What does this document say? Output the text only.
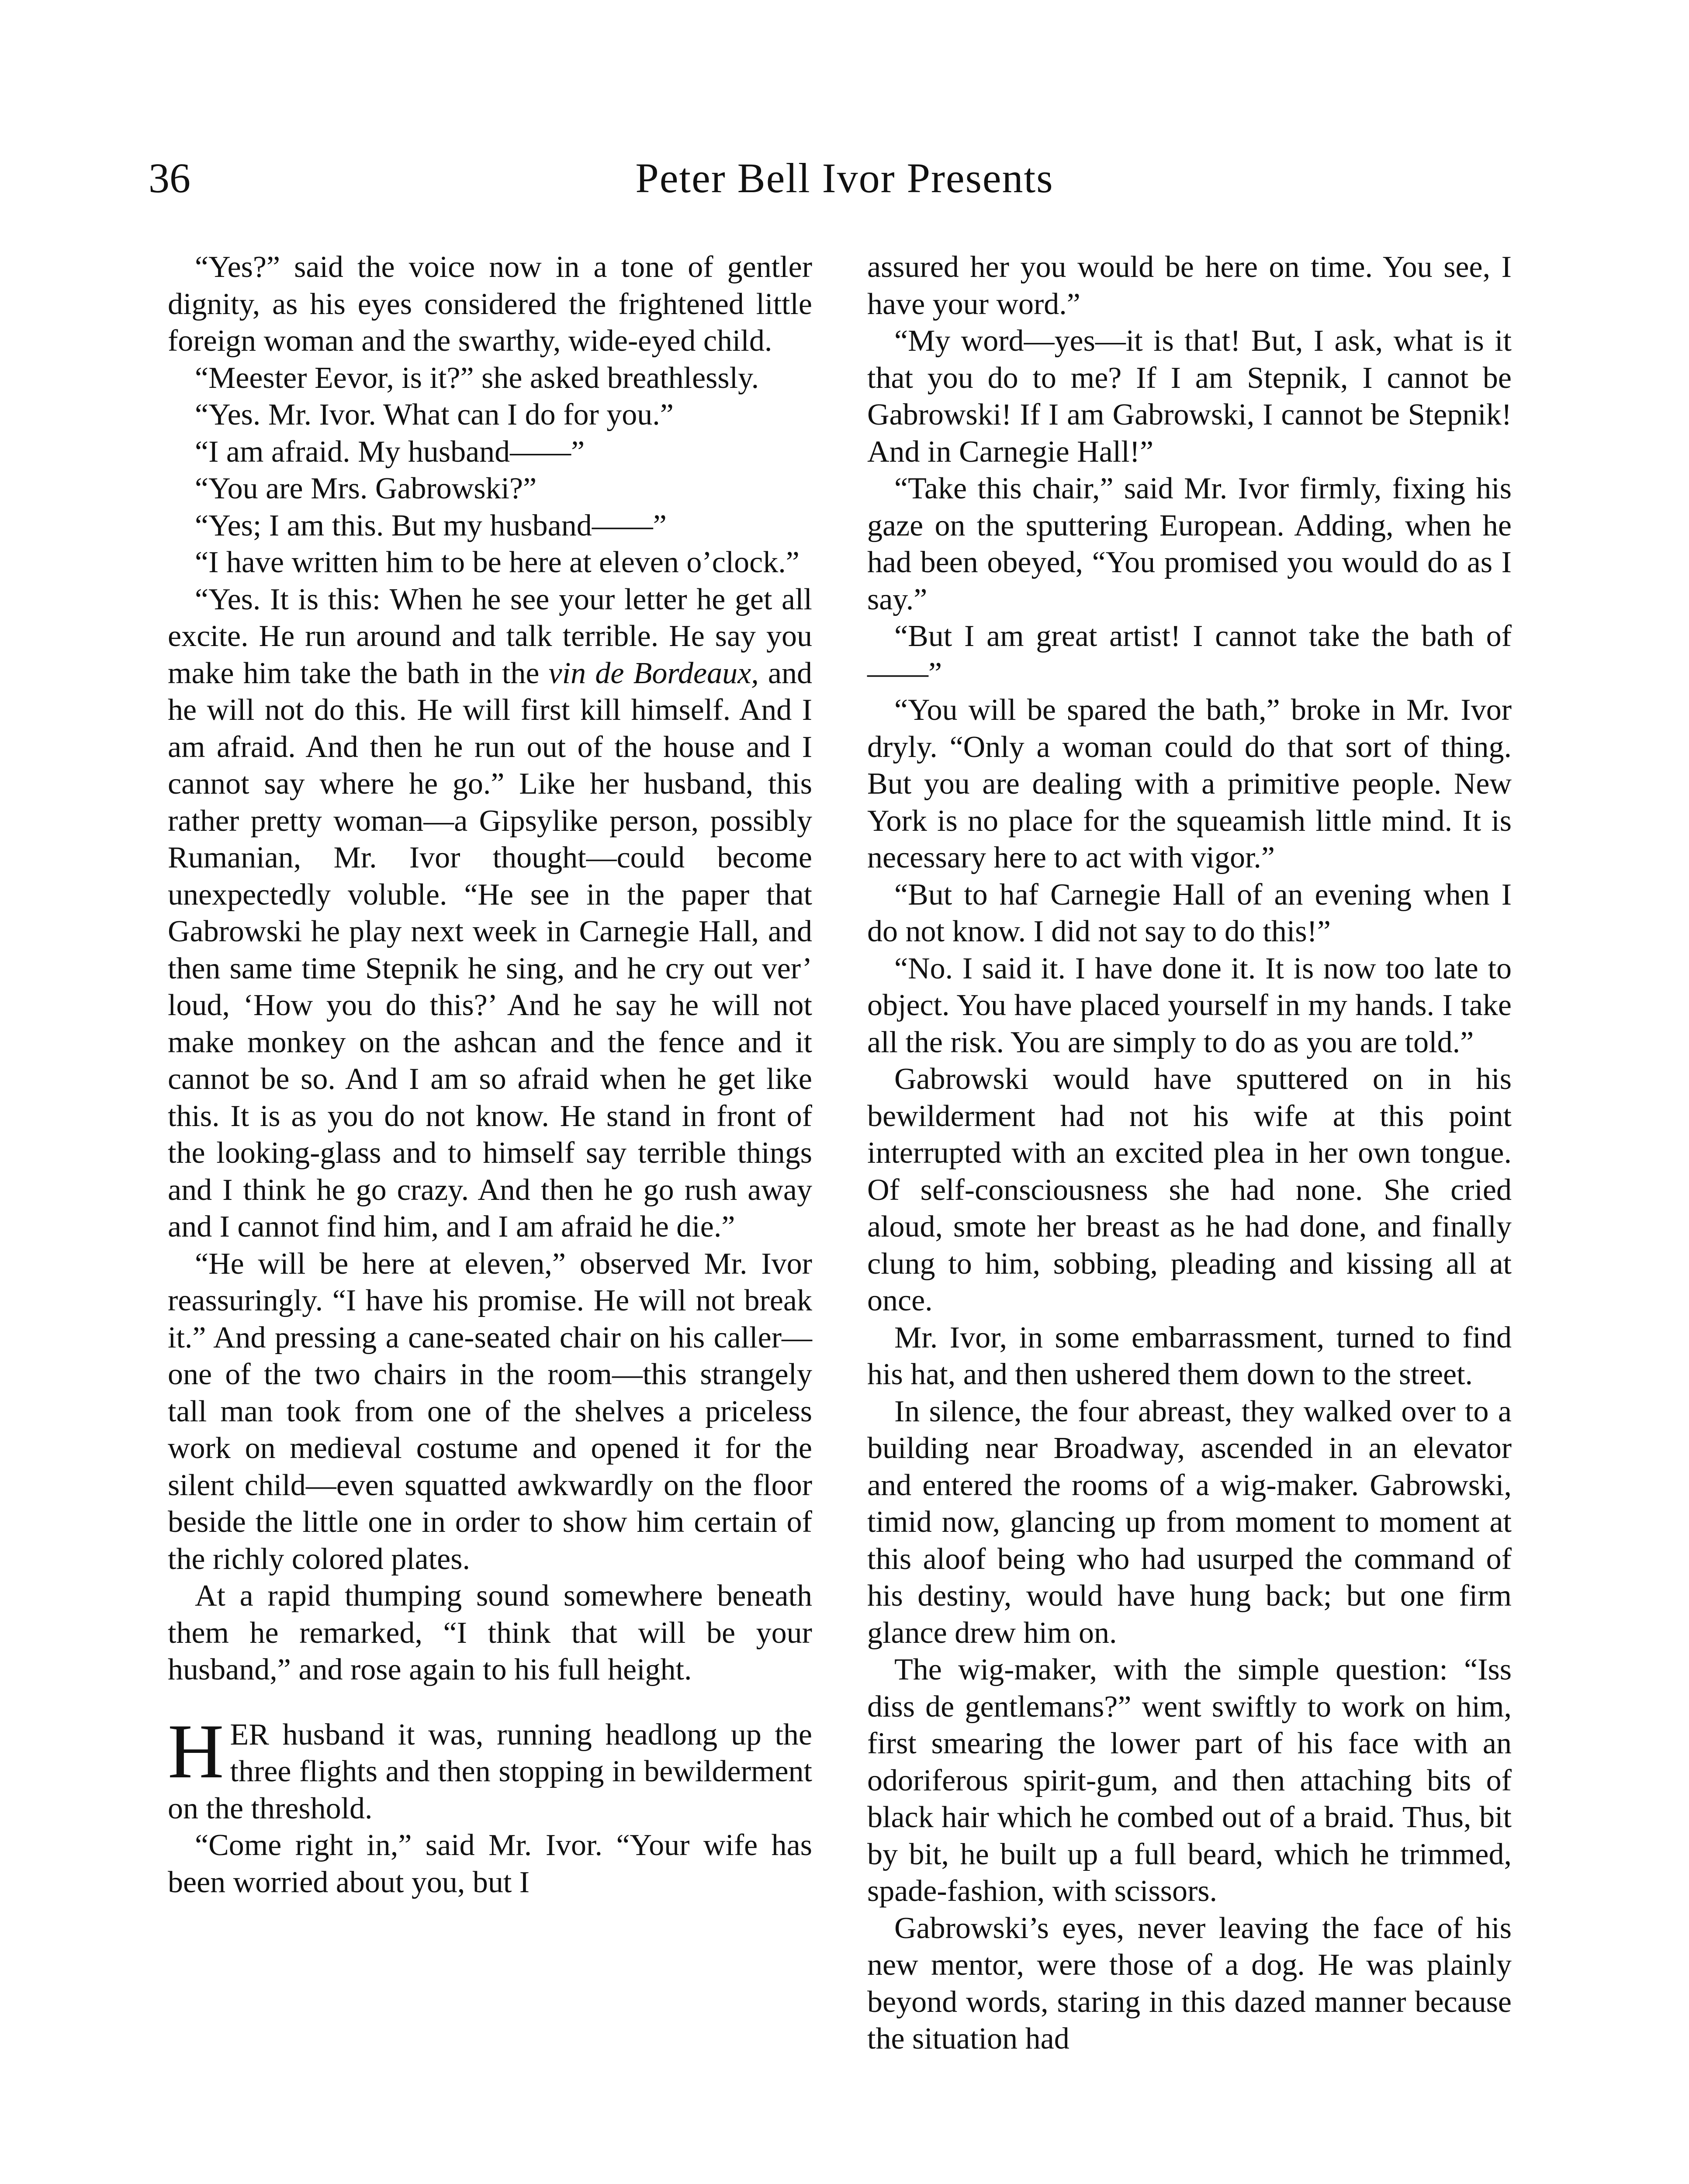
36	Peter Bell Ivor Presents

“Yes?” said the voice now in a tone of gentler dignity, as his eyes considered the frightened little foreign woman and the swarthy, wide-eyed child.

“Meester Eevor, is it?” she asked breathlessly.

“Yes. Mr. Ivor. What can I do for you.”

“I am afraid. My husband——”

“You are Mrs. Gabrowski?”

“Yes; I am this. But my husband——”

“I have written him to be here at eleven o’clock.”

“Yes. It is this: When he see your letter he get all excite. He run around and talk terrible. He say you make him take the bath in the vin de Bordeaux, and he will not do this. He will first kill himself. And I am afraid. And then he run out of the house and I cannot say where he go.” Like her husband, this rather pretty woman—a Gipsylike person, possibly Rumanian, Mr. Ivor thought—could become unexpectedly voluble. “He see in the paper that Gabrowski he play next week in Carnegie Hall, and then same time Stepnik he sing, and he cry out ver’ loud, ‘How you do this?’ And he say he will not make monkey on the ashcan and the fence and it cannot be so. And I am so afraid when he get like this. It is as you do not know. He stand in front of the looking-glass and to himself say terrible things and I think he go crazy. And then he go rush away and I cannot find him, and I am afraid he die.”

“He will be here at eleven,” observed Mr. Ivor reassuringly. “I have his promise. He will not break it.” And pressing a cane-seated chair on his caller—one of the two chairs in the room—this strangely tall man took from one of the shelves a priceless work on medieval costume and opened it for the silent child—even squatted awkwardly on the floor beside the little one in order to show him certain of the richly colored plates.

At a rapid thumping sound somewhere beneath them he remarked, “I think that will be your husband,” and rose again to his full height.

HER husband it was, running headlong up the three flights and then stopping in bewilderment on the threshold.

“Come right in,” said Mr. Ivor. “Your wife has been worried about you, but I

assured her you would be here on time. You see, I have your word.”

“My word—yes—it is that! But, I ask, what is it that you do to me? If I am Stepnik, I cannot be Gabrowski! If I am Gabrowski, I cannot be Stepnik! And in Carnegie Hall!”

“Take this chair,” said Mr. Ivor firmly, fixing his gaze on the sputtering European. Adding, when he had been obeyed, “You promised you would do as I say.”

“But I am great artist! I cannot take the bath of——”

“You will be spared the bath,” broke in Mr. Ivor dryly. “Only a woman could do that sort of thing. But you are dealing with a primitive people. New York is no place for the squeamish little mind. It is necessary here to act with vigor.”

“But to haf Carnegie Hall of an evening when I do not know. I did not say to do this!”

“No. I said it. I have done it. It is now too late to object. You have placed yourself in my hands. I take all the risk. You are simply to do as you are told.”

Gabrowski would have sputtered on in his bewilderment had not his wife at this point interrupted with an excited plea in her own tongue. Of self-consciousness she had none. She cried aloud, smote her breast as he had done, and finally clung to him, sobbing, pleading and kissing all at once.

Mr. Ivor, in some embarrassment, turned to find his hat, and then ushered them down to the street.

In silence, the four abreast, they walked over to a building near Broadway, ascended in an elevator and entered the rooms of a wig-maker. Gabrowski, timid now, glancing up from moment to moment at this aloof being who had usurped the command of his destiny, would have hung back; but one firm glance drew him on.

The wig-maker, with the simple question: “Iss diss de gentlemans?” went swiftly to work on him, first smearing the lower part of his face with an odoriferous spirit-gum, and then attaching bits of black hair which he combed out of a braid. Thus, bit by bit, he built up a full beard, which he trimmed, spade-fashion, with scissors.

Gabrowski’s eyes, never leaving the face of his new mentor, were those of a dog. He was plainly beyond words, staring in this dazed manner because the situation had
